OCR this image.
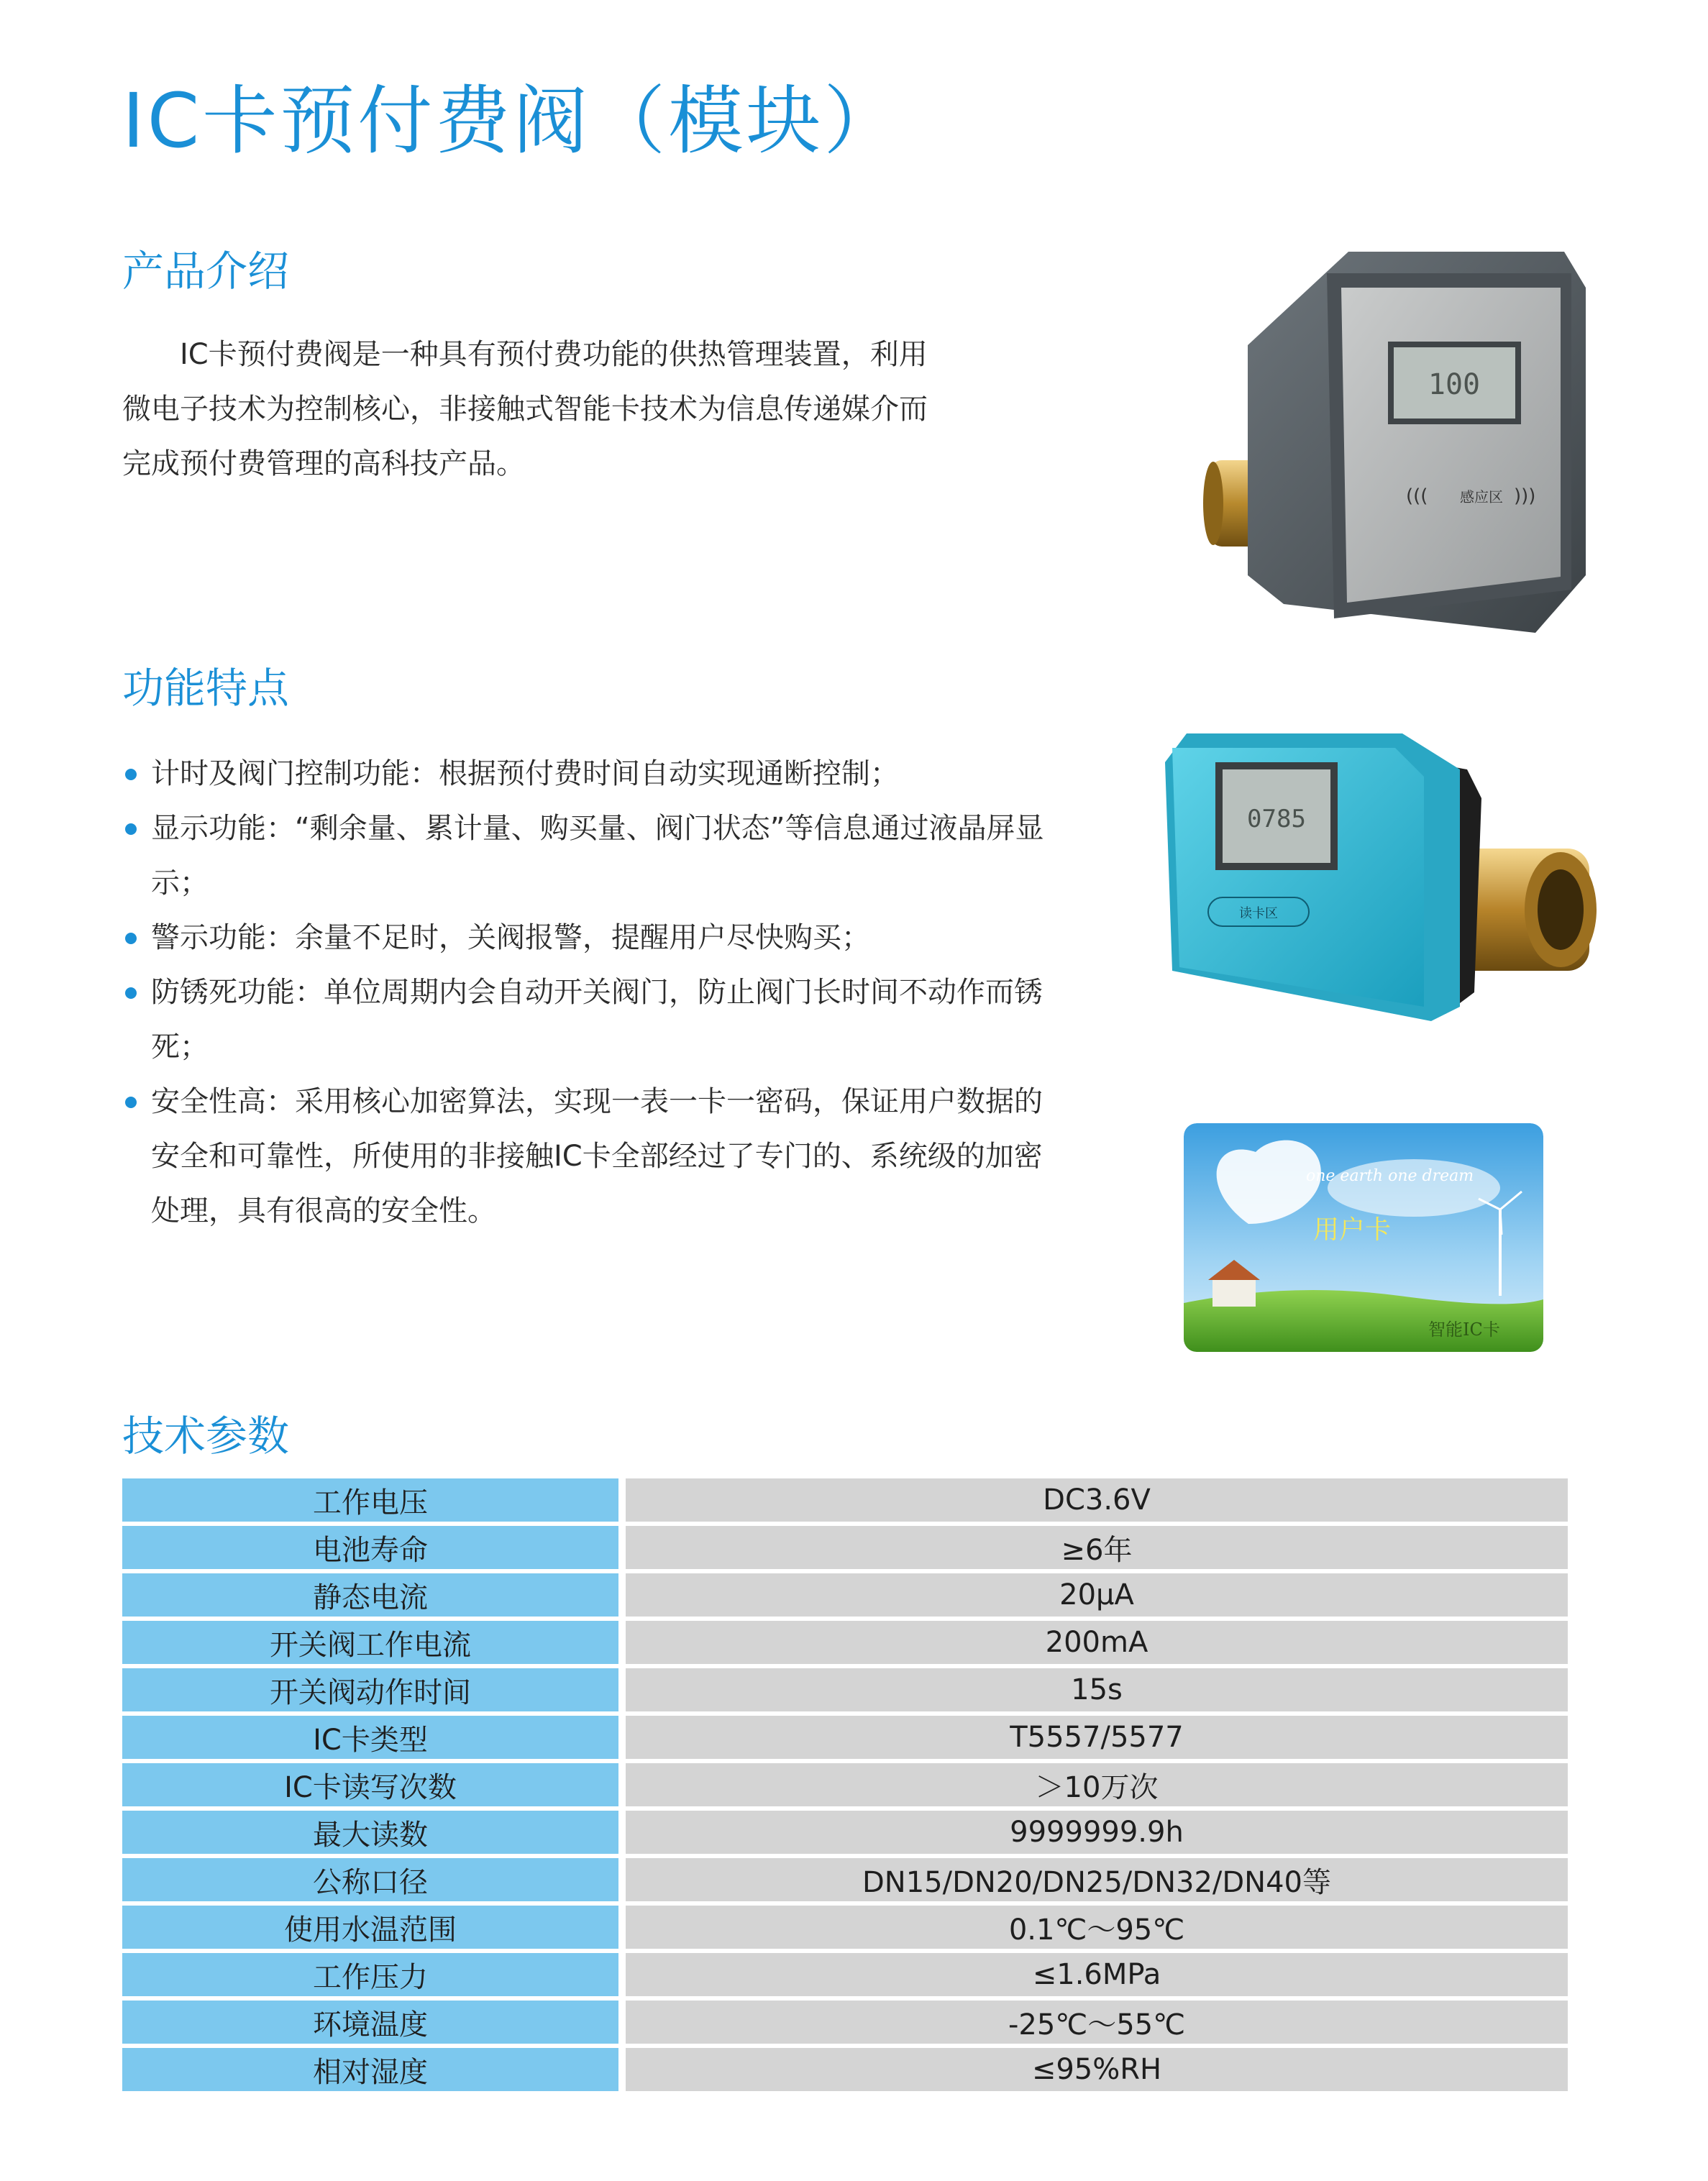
IC卡预付费阀（模块）
产品介绍
　　IC卡预付费阀是一种具有预付费功能的供热管理装置，利用
微电子技术为控制核心，非接触式智能卡技术为信息传递媒介而
完成预付费管理的高科技产品。
100
((( 感应区 )))
功能特点
计时及阀门控制功能：根据预付费时间自动实现通断控制；
显示功能：“剩余量、累计量、购买量、阀门状态”等信息通过液晶屏显示；
警示功能：余量不足时，关阀报警，提醒用户尽快购买；
防锈死功能：单位周期内会自动开关阀门，防止阀门长时间不动作而锈死；
安全性高：采用核心加密算法，实现一表一卡一密码，保证用户数据的安全和可靠性，所使用的非接触IC卡全部经过了专门的、系统级的加密处理，具有很高的安全性。
0785
读卡区
one earth one dream
用户卡
智能IC卡
技术参数
工作电压		DC3.6V
电池寿命		≥6年
静态电流		20μA
开关阀工作电流		200mA
开关阀动作时间		15s
IC卡类型		T5557/5577
IC卡读写次数		＞10万次
最大读数		9999999.9h
公称口径		DN15/DN20/DN25/DN32/DN40等
使用水温范围		0.1℃～95℃
工作压力		≤1.6MPa
环境温度		-25℃～55℃
相对湿度		≤95%RH
